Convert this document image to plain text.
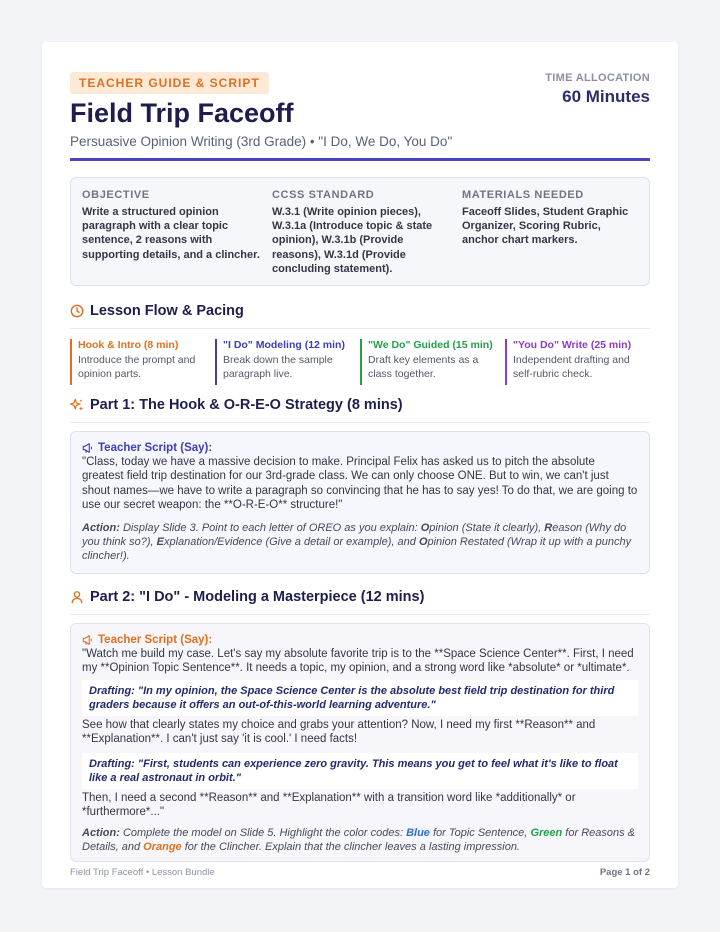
TEACHER GUIDE & SCRIPT
Field Trip Faceoff
Persuasive Opinion Writing (3rd Grade) • "I Do, We Do, You Do"
TIME ALLOCATION
60 Minutes
OBJECTIVE
Write a structured opinion paragraph with a clear topic sentence, 2 reasons with supporting details, and a clincher.
CCSS STANDARD
W.3.1 (Write opinion pieces), W.3.1a (Introduce topic & state opinion), W.3.1b (Provide reasons), W.3.1d (Provide concluding statement).
MATERIALS NEEDED
Faceoff Slides, Student Graphic Organizer, Scoring Rubric, anchor chart markers.
Lesson Flow & Pacing
Hook & Intro (8 min)
Introduce the prompt and opinion parts.
"I Do" Modeling (12 min)
Break down the sample paragraph live.
"We Do" Guided (15 min)
Draft key elements as a class together.
"You Do" Write (25 min)
Independent drafting and self-rubric check.
Part 1: The Hook & O-R-E-O Strategy (8 mins)
Teacher Script (Say):
"Class, today we have a massive decision to make. Principal Felix has asked us to pitch the absolute greatest field trip destination for our 3rd-grade class. We can only choose ONE. But to win, we can't just shout names—we have to write a paragraph so convincing that he has to say yes! To do that, we are going to use our secret weapon: the **O-R-E-O** structure!"
Action: Display Slide 3. Point to each letter of OREO as you explain: Opinion (State it clearly), Reason (Why do you think so?), Explanation/Evidence (Give a detail or example), and Opinion Restated (Wrap it up with a punchy clincher!).
Part 2: "I Do" - Modeling a Masterpiece (12 mins)
Teacher Script (Say):
"Watch me build my case. Let's say my absolute favorite trip is to the **Space Science Center**. First, I need my **Opinion Topic Sentence**. It needs a topic, my opinion, and a strong word like *absolute* or *ultimate*.
Drafting: "In my opinion, the Space Science Center is the absolute best field trip destination for third graders because it offers an out-of-this-world learning adventure."
See how that clearly states my choice and grabs your attention? Now, I need my first **Reason** and **Explanation**. I can't just say 'it is cool.' I need facts!
Drafting: "First, students can experience zero gravity. This means you get to feel what it's like to float like a real astronaut in orbit."
Then, I need a second **Reason** and **Explanation** with a transition word like *additionally* or *furthermore*..."
Action: Complete the model on Slide 5. Highlight the color codes: Blue for Topic Sentence, Green for Reasons & Details, and Orange for the Clincher. Explain that the clincher leaves a lasting impression.
Field Trip Faceoff • Lesson Bundle	Page 1 of 2
